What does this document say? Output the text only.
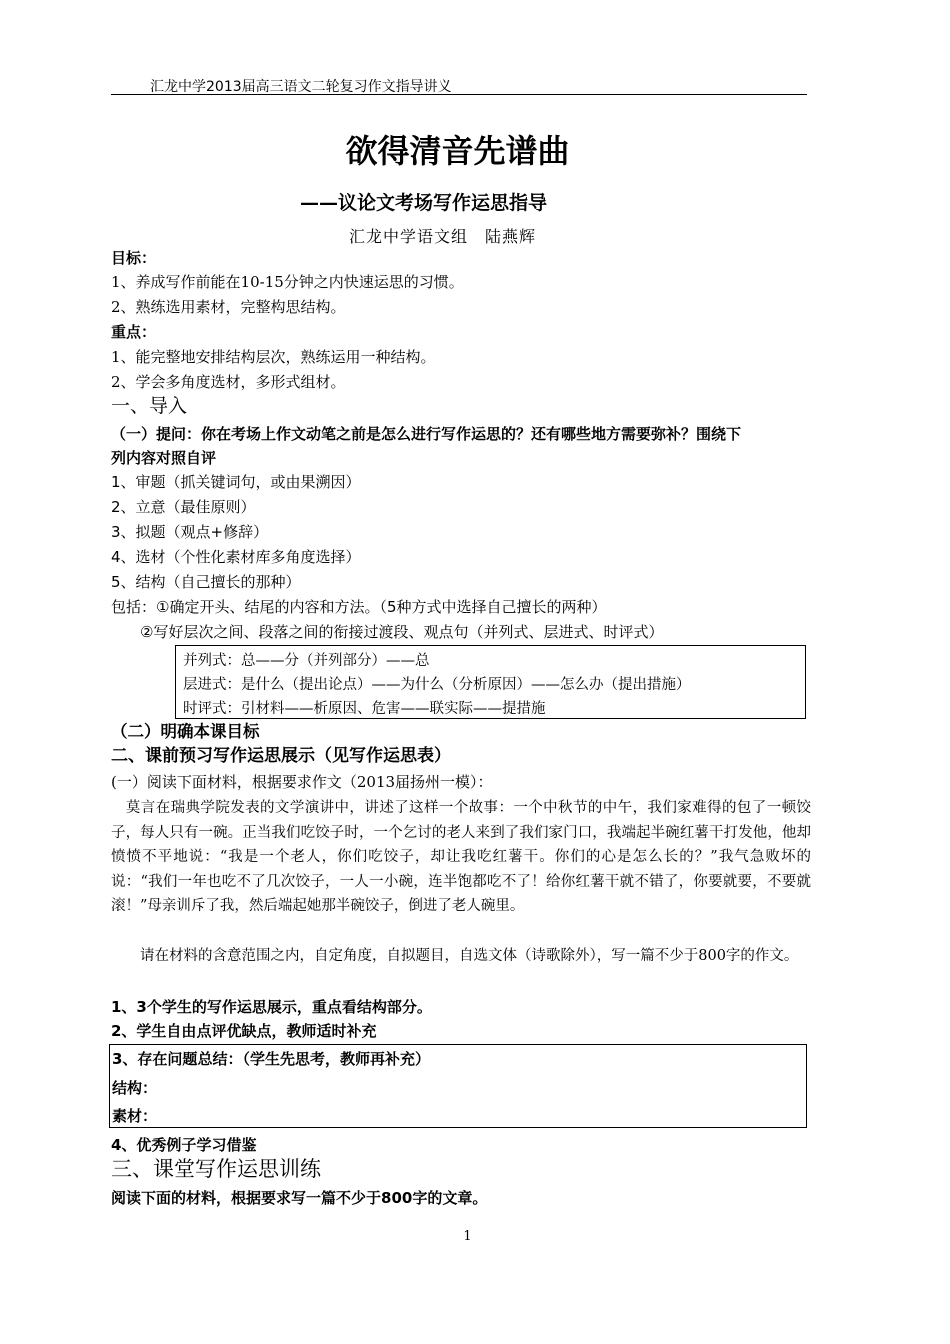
汇龙中学2013届高三语文二轮复习作文指导讲义
欲得清音先谱曲
——议论文考场写作运思指导
汇龙中学语文组　陆燕辉
目标：
1、养成写作前能在10-15分钟之内快速运思的习惯。
2、熟练选用素材，完整构思结构。
重点：
1、能完整地安排结构层次，熟练运用一种结构。
2、学会多角度选材，多形式组材。
一、导入
（一）提问：你在考场上作文动笔之前是怎么进行写作运思的？还有哪些地方需要弥补？围绕下
列内容对照自评
1、审题（抓关键词句，或由果溯因）
2、立意（最佳原则）
3、拟题（观点+修辞）
4、选材（个性化素材库多角度选择）
5、结构（自己擅长的那种）
包括：①确定开头、结尾的内容和方法。（5种方式中选择自己擅长的两种）
②写好层次之间、段落之间的衔接过渡段、观点句（并列式、层进式、时评式）
并列式：总——分（并列部分）——总
层进式：是什么（提出论点）——为什么（分析原因）——怎么办（提出措施）
时评式：引材料——析原因、危害——联实际——提措施
（二）明确本课目标
二、课前预习写作运思展示（见写作运思表）
(一）阅读下面材料，根据要求作文（2013届扬州一模）：
　莫言在瑞典学院发表的文学演讲中，讲述了这样一个故事：一个中秋节的中午，我们家难得的包了一顿饺子，每人只有一碗。正当我们吃饺子时，一个乞讨的老人来到了我们家门口，我端起半碗红薯干打发他，他却愤愤不平地说：“我是一个老人，你们吃饺子，却让我吃红薯干。你们的心是怎么长的？”我气急败坏的说：“我们一年也吃不了几次饺子，一人一小碗，连半饱都吃不了！给你红薯干就不错了，你要就要，不要就滚！”母亲训斥了我，然后端起她那半碗饺子，倒进了老人碗里。
　　请在材料的含意范围之内，自定角度，自拟题目，自选文体（诗歌除外），写一篇不少于800字的作文。
1、3个学生的写作运思展示，重点看结构部分。
2、学生自由点评优缺点，教师适时补充
3、存在问题总结：（学生先思考，教师再补充）
结构：
素材：
4、优秀例子学习借鉴
三、课堂写作运思训练
阅读下面的材料，根据要求写一篇不少于800字的文章。
1
